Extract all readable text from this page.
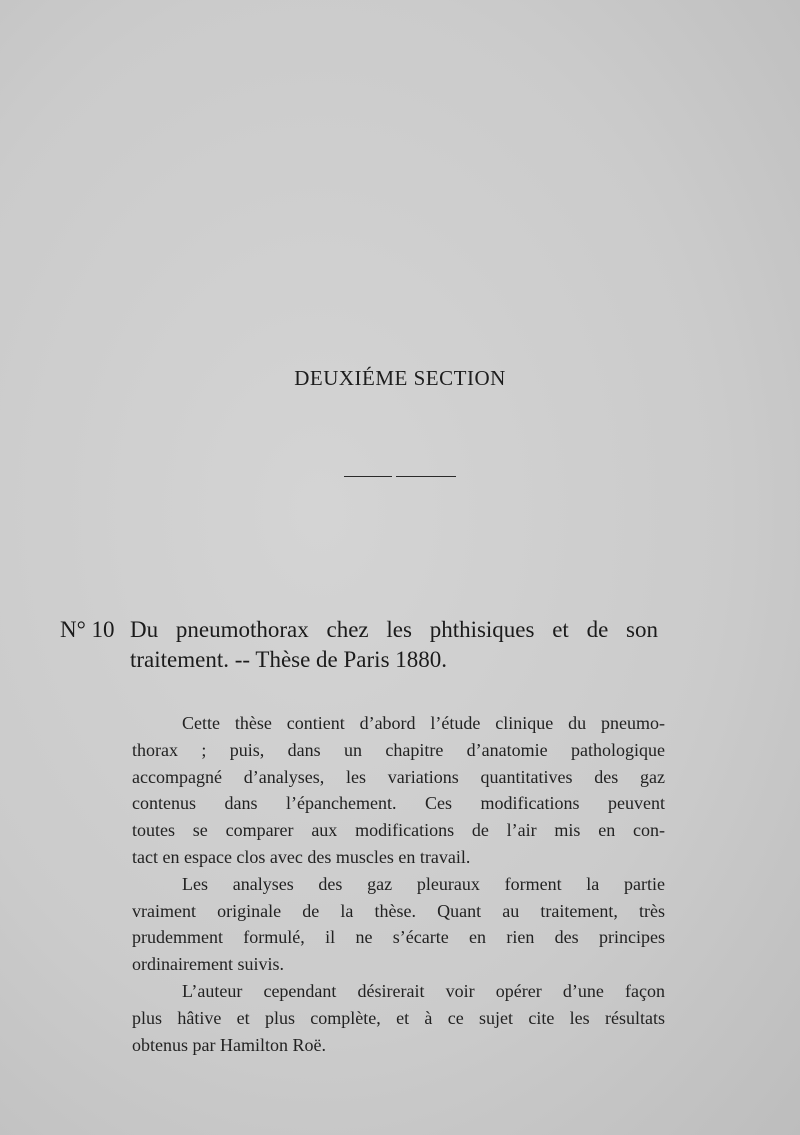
DEUXIÉME SECTION
N° 10 Du pneumothorax chez les phthisiques et de son
traitement. -- Thèse de Paris 1880.

Cette thèse contient d’abord l’étude clinique du pneumo-
thorax ; puis, dans un chapitre d’anatomie pathologique
accompagné d’analyses, les variations quantitatives des gaz
contenus dans l’épanchement. Ces modifications peuvent
toutes se comparer aux modifications de l’air mis en con-
tact en espace clos avec des muscles en travail.

Les analyses des gaz pleuraux forment la partie
vraiment originale de la thèse. Quant au traitement, très
prudemment formulé, il ne s’écarte en rien des principes
ordinairement suivis.

L’auteur cependant désirerait voir opérer d’une façon
plus hâtive et plus complète, et à ce sujet cite les résultats
obtenus par Hamilton Roë.
